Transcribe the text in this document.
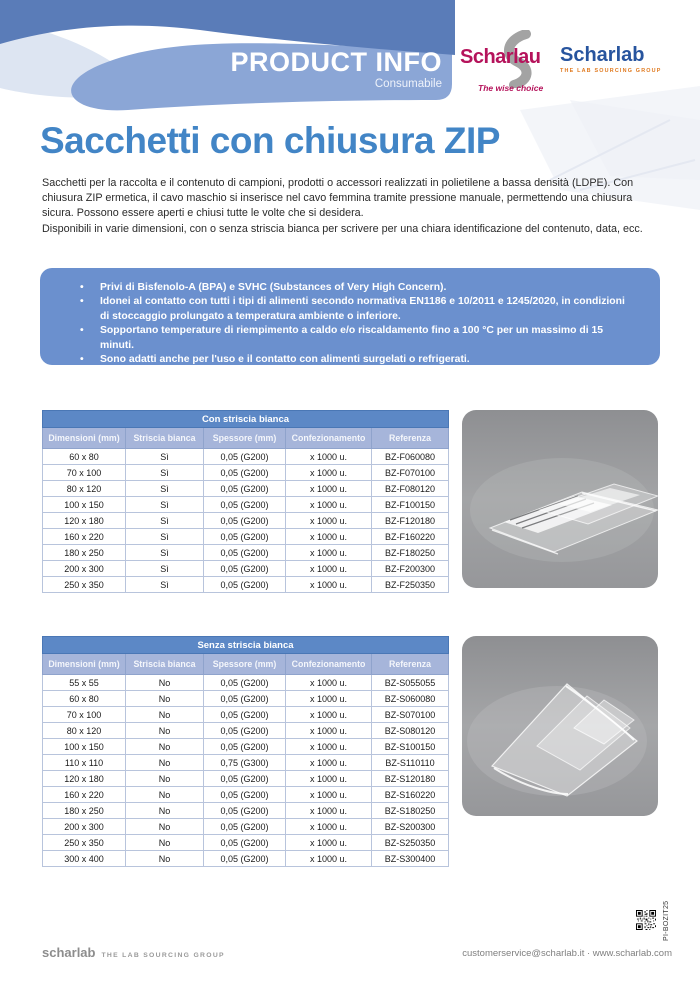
PRODUCT INFO
Consumabile
Scharlau
The wise choice
Scharlab
THE LAB SOURCING GROUP
Sacchetti con chiusura ZIP

Sacchetti per la raccolta e il contenuto di campioni, prodotti o accessori realizzati in polietilene a bassa densità (LDPE). Con chiusura ZIP ermetica, il cavo maschio si inserisce nel cavo femmina tramite pressione manuale, permettendo una chiusura sicura. Possono essere aperti e chiusi tutte le volte che si desidera.

Disponibili in varie dimensioni, con o senza striscia bianca per scrivere per una chiara identificazione del contenuto, data, ecc.

• Privi di Bisfenolo-A (BPA) e SVHC (Substances of Very High Concern).
• Idonei al contatto con tutti i tipi di alimenti secondo normativa EN1186 e 10/2011 e 1245/2020, in condizioni di stoccaggio prolungato a temperatura ambiente o inferiore.
• Sopportano temperature di riempimento a caldo e/o riscaldamento fino a 100 °C per un massimo di 15 minuti.
• Sono adatti anche per l'uso e il contatto con alimenti surgelati o refrigerati.
Con striscia bianca				
Dimensioni (mm)	Striscia bianca	Spessore (mm)	Confezionamento	Referenza
60 x 80	Sì	0,05 (G200)	x 1000 u.	BZ-F060080
70 x 100	Sì	0,05 (G200)	x 1000 u.	BZ-F070100
80 x 120	Sì	0,05 (G200)	x 1000 u.	BZ-F080120
100 x 150	Sì	0,05 (G200)	x 1000 u.	BZ-F100150
120 x 180	Sì	0,05 (G200)	x 1000 u.	BZ-F120180
160 x 220	Sì	0,05 (G200)	x 1000 u.	BZ-F160220
180 x 250	Sì	0,05 (G200)	x 1000 u.	BZ-F180250
200 x 300	Sì	0,05 (G200)	x 1000 u.	BZ-F200300
250 x 350	Sì	0,05 (G200)	x 1000 u.	BZ-F250350
Senza striscia bianca				
Dimensioni (mm)	Striscia bianca	Spessore (mm)	Confezionamento	Referenza
55 x 55	No	0,05 (G200)	x 1000 u.	BZ-S055055
60 x 80	No	0,05 (G200)	x 1000 u.	BZ-S060080
70 x 100	No	0,05 (G200)	x 1000 u.	BZ-S070100
80 x 120	No	0,05 (G200)	x 1000 u.	BZ-S080120
100 x 150	No	0,05 (G200)	x 1000 u.	BZ-S100150
110 x 110	No	0,75 (G300)	x 1000 u.	BZ-S110110
120 x 180	No	0,05 (G200)	x 1000 u.	BZ-S120180
160 x 220	No	0,05 (G200)	x 1000 u.	BZ-S160220
180 x 250	No	0,05 (G200)	x 1000 u.	BZ-S180250
200 x 300	No	0,05 (G200)	x 1000 u.	BZ-S200300
250 x 350	No	0,05 (G200)	x 1000 u.	BZ-S250350
300 x 400	No	0,05 (G200)	x 1000 u.	BZ-S300400
scharlab THE LAB SOURCING GROUP	customerservice@scharlab.it · www.scharlab.com
PI-BOZIT25
